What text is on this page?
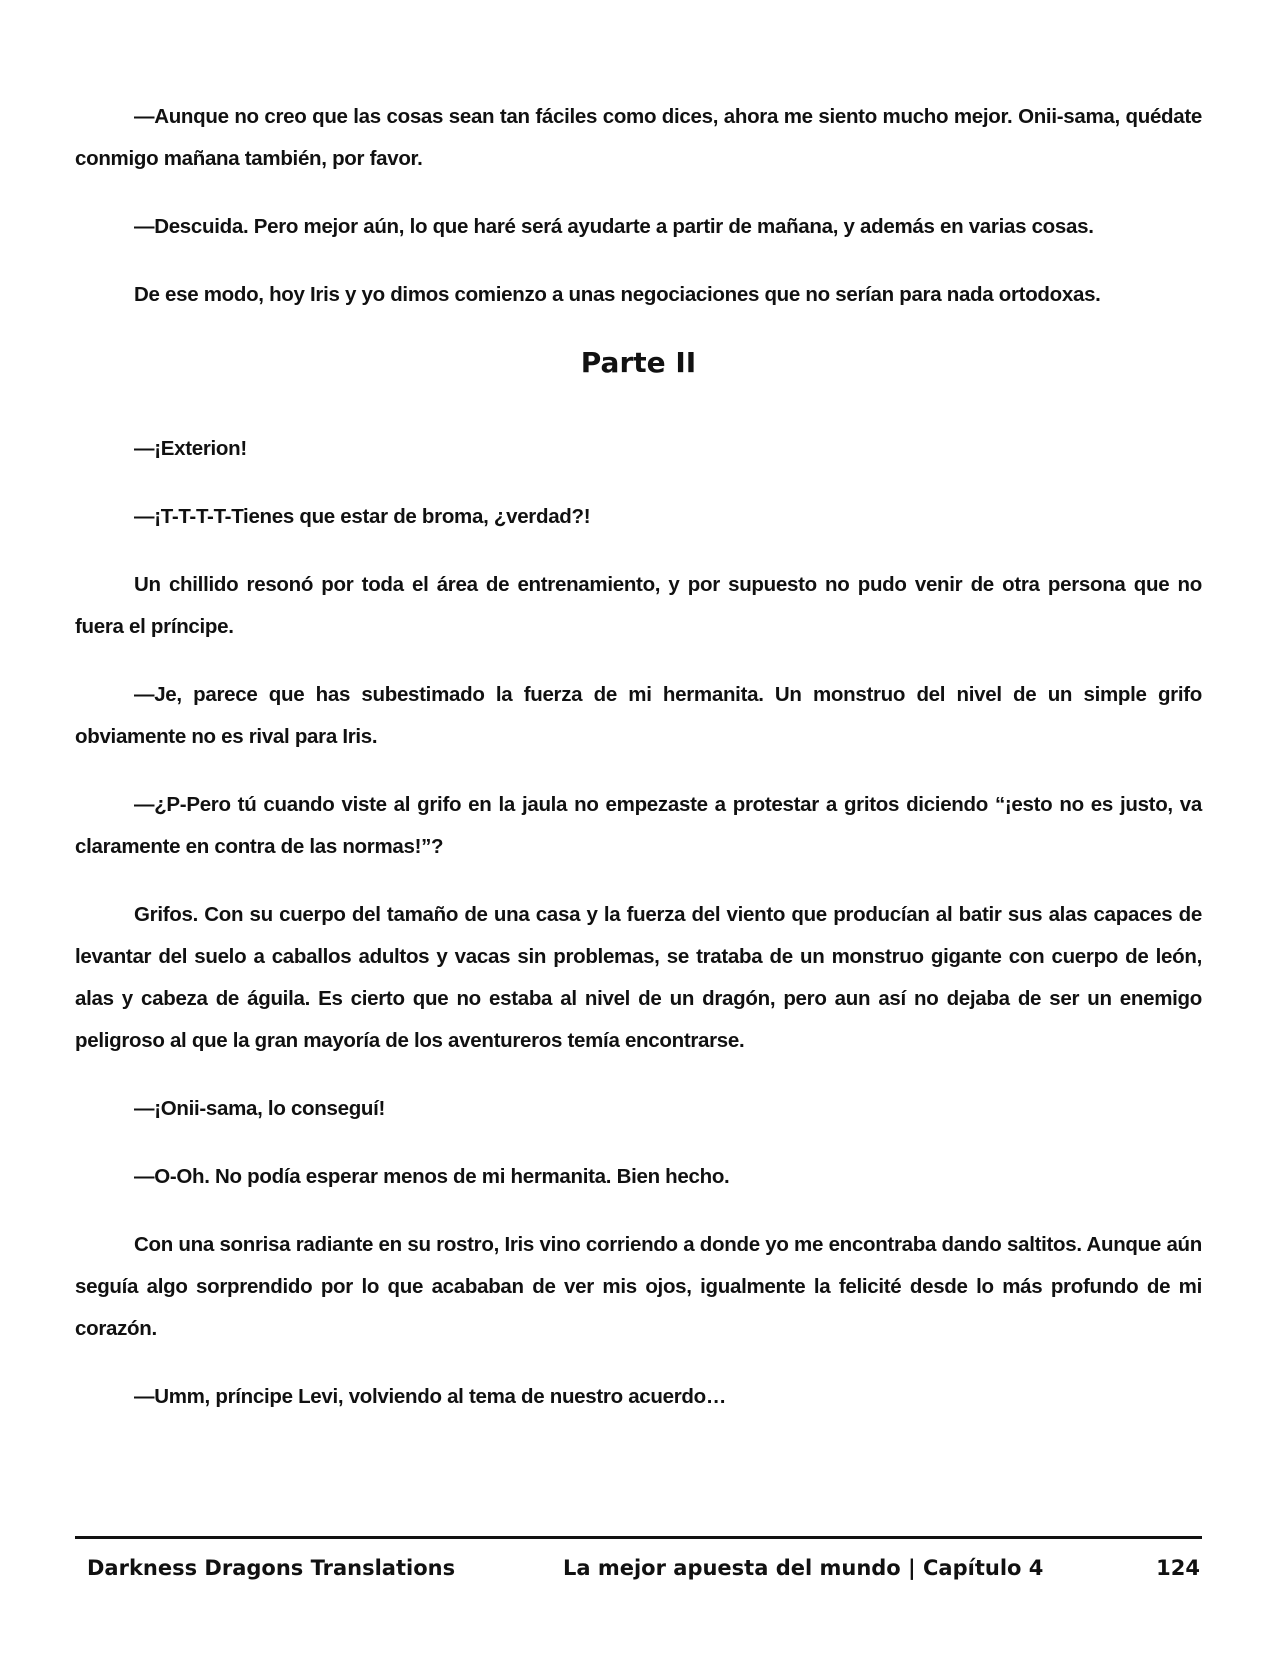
—Aunque no creo que las cosas sean tan fáciles como dices, ahora me siento mucho mejor. Onii-sama, quédate conmigo mañana también, por favor.

—Descuida. Pero mejor aún, lo que haré será ayudarte a partir de mañana, y además en varias cosas.

De ese modo, hoy Iris y yo dimos comienzo a unas negociaciones que no serían para nada ortodoxas.

Parte II

—¡Exterion!

—¡T-T-T-T-Tienes que estar de broma, ¿verdad?!

Un chillido resonó por toda el área de entrenamiento, y por supuesto no pudo venir de otra persona que no fuera el príncipe.

—Je, parece que has subestimado la fuerza de mi hermanita. Un monstruo del nivel de un simple grifo obviamente no es rival para Iris.

—¿P-Pero tú cuando viste al grifo en la jaula no empezaste a protestar a gritos diciendo “¡esto no es justo, va claramente en contra de las normas!”?

Grifos. Con su cuerpo del tamaño de una casa y la fuerza del viento que producían al batir sus alas capaces de levantar del suelo a caballos adultos y vacas sin problemas, se trataba de un monstruo gigante con cuerpo de león, alas y cabeza de águila. Es cierto que no estaba al nivel de un dragón, pero aun así no dejaba de ser un enemigo peligroso al que la gran mayoría de los aventureros temía encontrarse.

—¡Onii-sama, lo conseguí!

—O-Oh. No podía esperar menos de mi hermanita. Bien hecho.

Con una sonrisa radiante en su rostro, Iris vino corriendo a donde yo me encontraba dando saltitos. Aunque aún seguía algo sorprendido por lo que acababan de ver mis ojos, igualmente la felicité desde lo más profundo de mi corazón.

—Umm, príncipe Levi, volviendo al tema de nuestro acuerdo…

Darkness Dragons Translations	La mejor apuesta del mundo | Capítulo 4	124
